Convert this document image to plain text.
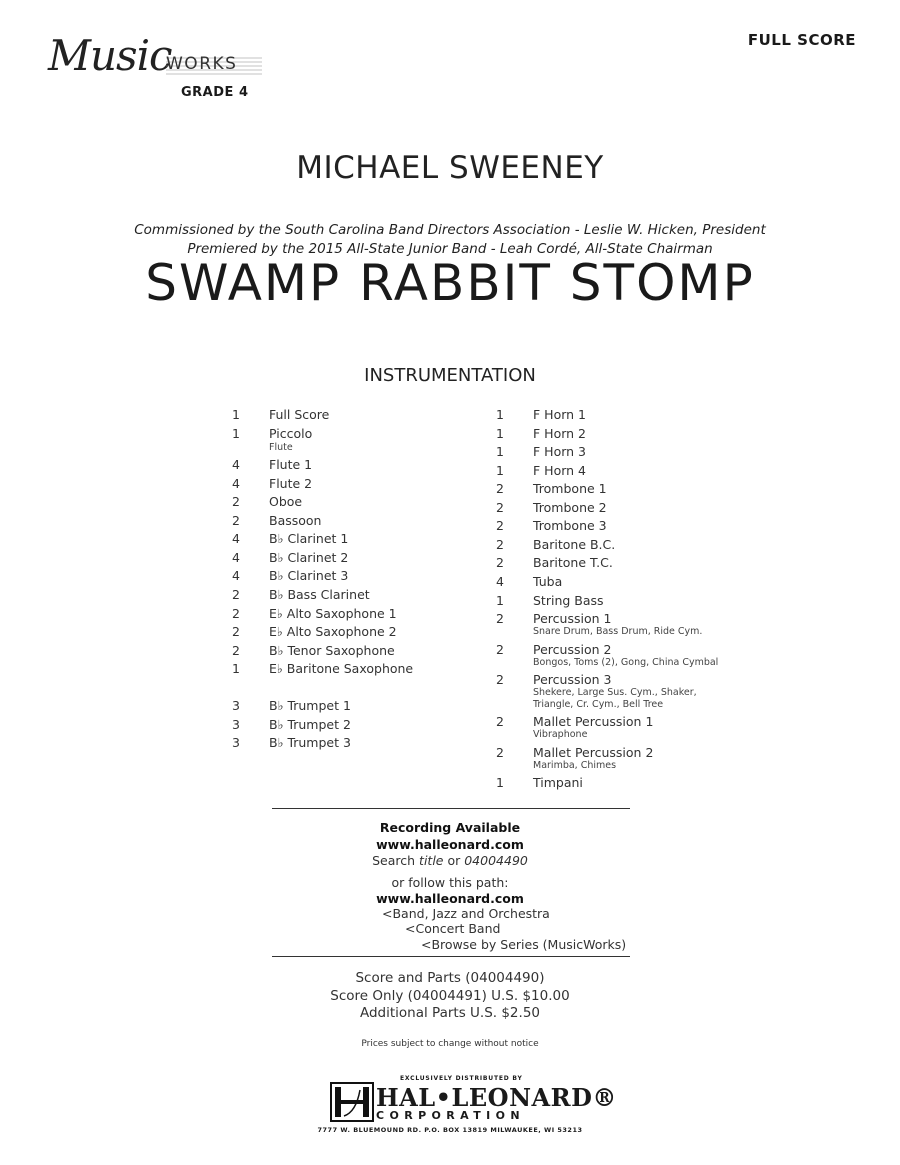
Music
WORKS
GRADE 4
FULL SCORE
MICHAEL SWEENEY
Commissioned by the South Carolina Band Directors Association - Leslie W. Hicken, President
Premiered by the 2015 All-State Junior Band - Leah Cordé, All-State Chairman
SWAMP RABBIT STOMP
INSTRUMENTATION
1 Full Score
1 Piccolo
Flute
4 Flute 1
4 Flute 2
2 Oboe
2 Bassoon
4 B♭ Clarinet 1
4 B♭ Clarinet 2
4 B♭ Clarinet 3
2 B♭ Bass Clarinet
2 E♭ Alto Saxophone 1
2 E♭ Alto Saxophone 2
2 B♭ Tenor Saxophone
1 E♭ Baritone Saxophone
3 B♭ Trumpet 1
3 B♭ Trumpet 2
3 B♭ Trumpet 3
1 F Horn 1
1 F Horn 2
1 F Horn 3
1 F Horn 4
2 Trombone 1
2 Trombone 2
2 Trombone 3
2 Baritone B.C.
2 Baritone T.C.
4 Tuba
1 String Bass
2 Percussion 1
Snare Drum, Bass Drum, Ride Cym.
2 Percussion 2
Bongos, Toms (2), Gong, China Cymbal
2 Percussion 3
Shekere, Large Sus. Cym., Shaker,
Triangle, Cr. Cym., Bell Tree
2 Mallet Percussion 1
Vibraphone
2 Mallet Percussion 2
Marimba, Chimes
1 Timpani
Recording Available
www.halleonard.com
Search title or 04004490
or follow this path:
www.halleonard.com
<Band, Jazz and Orchestra
<Concert Band
<Browse by Series (MusicWorks)
Score and Parts (04004490)
Score Only (04004491) U.S. $10.00
Additional Parts U.S. $2.50
Prices subject to change without notice
EXCLUSIVELY DISTRIBUTED BY
HAL•LEONARD®
CORPORATION
7777 W. BLUEMOUND RD. P.O. BOX 13819 MILWAUKEE, WI 53213
